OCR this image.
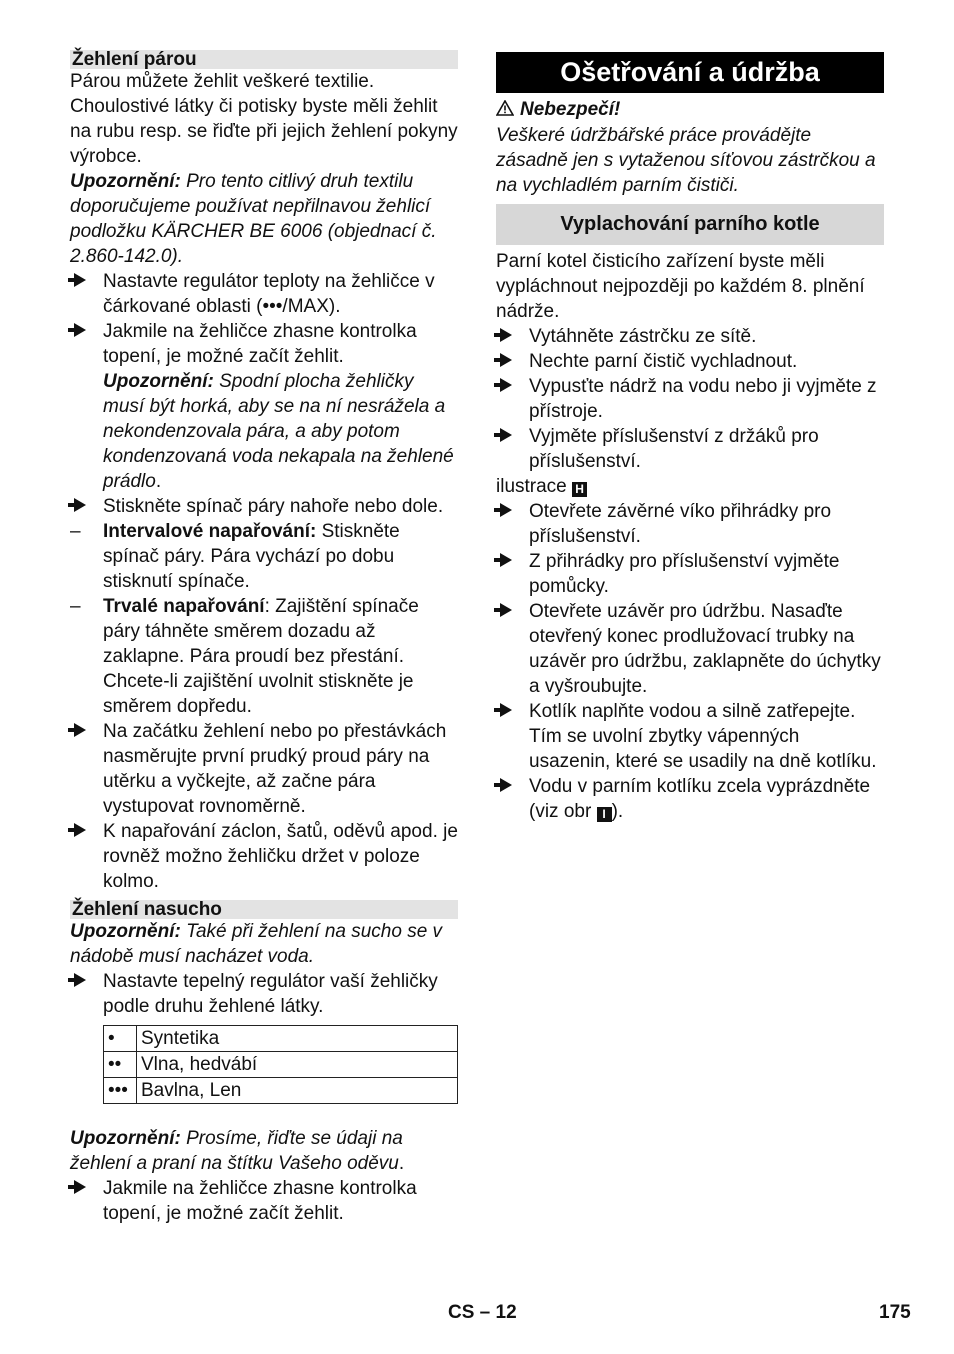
Žehlení párou

Párou můžete žehlit veškeré textilie. Choulostivé látky či potisky byste měli žehlit na rubu resp. se řiďte při jejich žehlení pokyny výrobce.

Upozornění: Pro tento citlivý druh textilu doporučujeme používat nepřilnavou žehlicí podložku KÄRCHER BE 6006 (objednací č. 2.860-142.0).

Nastavte regulátor teploty na žehličce v čárkované oblasti (•••/MAX).
Jakmile na žehličce zhasne kontrolka topení, je možné začít žehlit.

Upozornění: Spodní plocha žehličky musí být horká, aby se na ní nesrážela a nekondenzovala pára, a aby potom kondenzovaná voda nekapala na žehlené prádlo.

Stiskněte spínač páry nahoře nebo dole.
–	Intervalové napařování: Stiskněte spínač páry. Pára vychází po dobu stisknutí spínače.
–	Trvalé napařování: Zajištění spínače páry táhněte směrem dozadu až zaklapne. Pára proudí bez přestání. Chcete-li zajištění uvolnit stiskněte je směrem dopředu.
Na začátku žehlení nebo po přestávkách nasměrujte první prudký proud páry na utěrku a vyčkejte, až začne pára vystupovat rovnoměrně.
K napařování záclon, šatů, oděvů apod. je rovněž možno žehličku držet v poloze kolmo.
Žehlení nasucho

Upozornění: Také při žehlení na sucho se v nádobě musí nacházet voda.

Nastavte tepelný regulátor vaší žehličky podle druhu žehlené látky.
•	Syntetika
••	Vlna, hedvábí
•••	Bavlna, Len

Upozornění: Prosíme, řiďte se údaji na žehlení a praní na štítku Vašeho oděvu.

Jakmile na žehličce zhasne kontrolka topení, je možné začít žehlit.
Ošetřování a údržba

Nebezpečí!

Veškeré údržbářské práce provádějte zásadně jen s vytaženou síťovou zástrčkou a na vychladlém parním čističi.

Vyplachování parního kotle

Parní kotel čisticího zařízení byste měli vypláchnout nejpozději po každém 8. plnění nádrže.

Vytáhněte zástrčku ze sítě.
Nechte parní čistič vychladnout.
Vypusťte nádrž na vodu nebo ji vyjměte z přístroje.
Vyjměte příslušenství z držáků pro příslušenství.

ilustrace H

Otevřete závěrné víko přihrádky pro příslušenství.
Z přihrádky pro příslušenství vyjměte pomůcky.
Otevřete uzávěr pro údržbu. Nasaďte otevřený konec prodlužovací trubky na uzávěr pro údržbu, zaklapněte do úchytky a vyšroubujte.
Kotlík naplňte vodou a silně zatřepejte. Tím se uvolní zbytky vápenných usazenin, které se usadily na dně kotlíku.
Vodu v parním kotlíku zcela vyprázdněte (viz obr I ).
CS – 12	175
